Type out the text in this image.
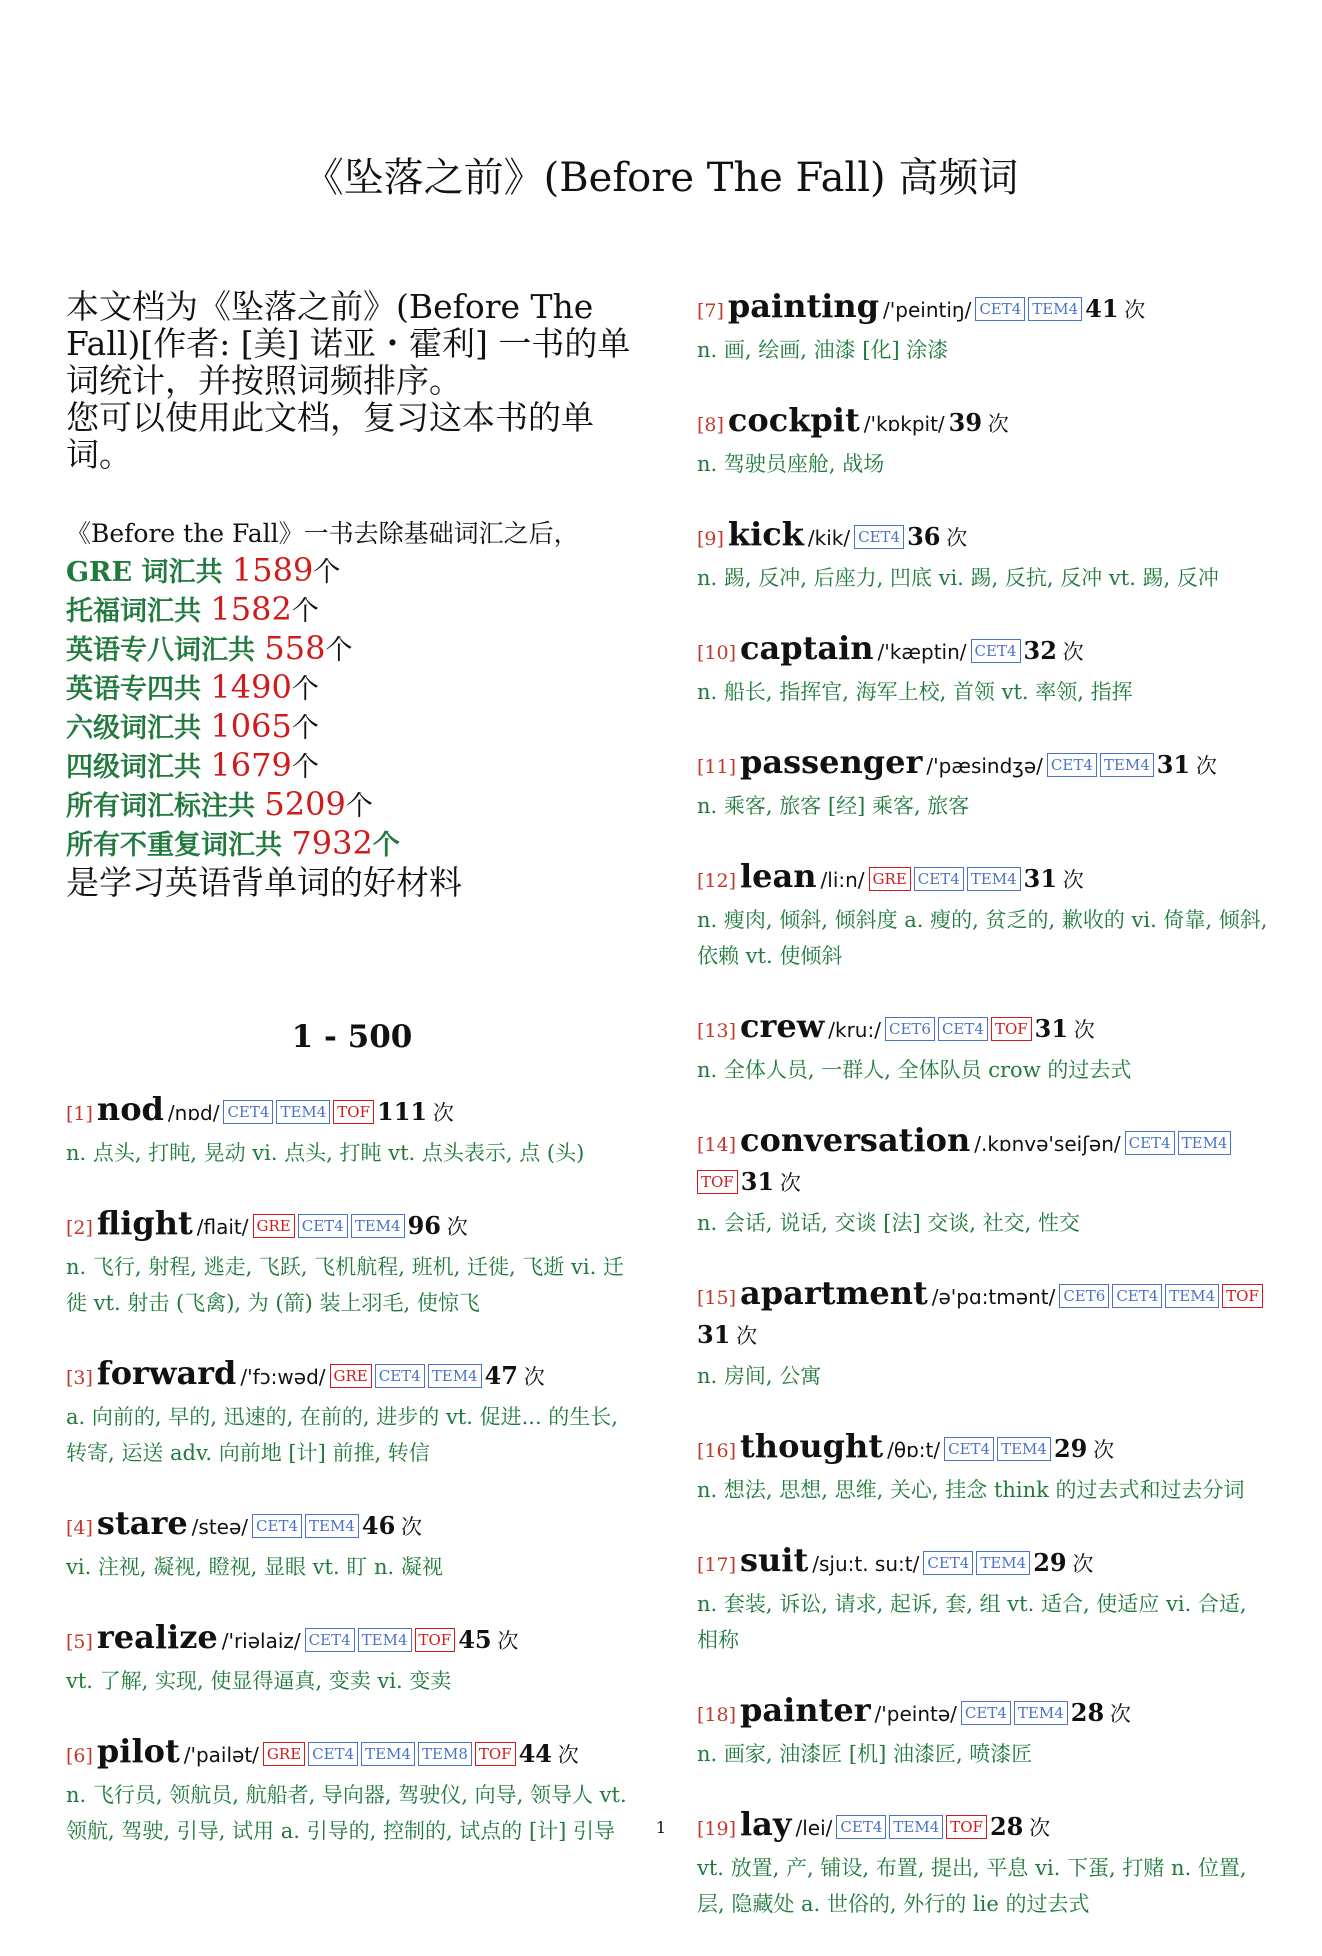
《坠落之前》(Before The Fall) 高频词
本文档为《坠落之前》(Before The
Fall)[作者: [美] 诺亚・霍利] 一书的单
词统计，并按照词频排序。
您可以使用此文档，复习这本书的单
词。
《Before the Fall》一书去除基础词汇之后，
GRE 词汇共 1589个
托福词汇共 1582个
英语专八词汇共 558个
英语专四共 1490个
六级词汇共 1065个
四级词汇共 1679个
所有词汇标注共 5209个
所有不重复词汇共 7932个
是学习英语背单词的好材料
1 - 500
[1] nod /nɒd/ CET4 TEM4 TOF 111 次
n. 点头, 打盹, 晃动 vi. 点头, 打盹 vt. 点头表示, 点 (头)
[2] flight /flait/ GRE CET4 TEM4 96 次
n. 飞行, 射程, 逃走, 飞跃, 飞机航程, 班机, 迁徙, 飞逝 vi. 迁徙 vt. 射击 (飞禽), 为 (箭) 装上羽毛, 使惊飞
[3] forward /'fɔ:wəd/ GRE CET4 TEM4 47 次
a. 向前的, 早的, 迅速的, 在前的, 进步的 vt. 促进... 的生长, 转寄, 运送 adv. 向前地 [计] 前推, 转信
[4] stare /steə/ CET4 TEM4 46 次
vi. 注视, 凝视, 瞪视, 显眼 vt. 盯 n. 凝视
[5] realize /'riəlaiz/ CET4 TEM4 TOF 45 次
vt. 了解, 实现, 使显得逼真, 变卖 vi. 变卖
[6] pilot /'pailət/ GRE CET4 TEM4 TEM8 TOF 44 次
n. 飞行员, 领航员, 航船者, 导向器, 驾驶仪, 向导, 领导人 vt. 领航, 驾驶, 引导, 试用 a. 引导的, 控制的, 试点的 [计] 引导
[7] painting /'peintiŋ/ CET4 TEM4 41 次
n. 画, 绘画, 油漆 [化] 涂漆
[8] cockpit /'kɒkpit/ 39 次
n. 驾驶员座舱, 战场
[9] kick /kik/ CET4 36 次
n. 踢, 反冲, 后座力, 凹底 vi. 踢, 反抗, 反冲 vt. 踢, 反冲
[10] captain /'kæptin/ CET4 32 次
n. 船长, 指挥官, 海军上校, 首领 vt. 率领, 指挥
[11] passenger /'pæsindʒə/ CET4 TEM4 31 次
n. 乘客, 旅客 [经] 乘客, 旅客
[12] lean /li:n/ GRE CET4 TEM4 31 次
n. 瘦肉, 倾斜, 倾斜度 a. 瘦的, 贫乏的, 歉收的 vi. 倚靠, 倾斜, 依赖 vt. 使倾斜
[13] crew /kru:/ CET6 CET4 TOF 31 次
n. 全体人员, 一群人, 全体队员 crow 的过去式
[14] conversation /.kɒnvə'seiʃən/ CET4 TEM4TOF 31 次
n. 会话, 说话, 交谈 [法] 交谈, 社交, 性交
[15] apartment /ə'pɑ:tmənt/ CET6 CET4 TEM4 TOF31 次
n. 房间, 公寓
[16] thought /θɒ:t/ CET4 TEM4 29 次
n. 想法, 思想, 思维, 关心, 挂念 think 的过去式和过去分词
[17] suit /sju:t. su:t/ CET4 TEM4 29 次
n. 套装, 诉讼, 请求, 起诉, 套, 组 vt. 适合, 使适应 vi. 合适, 相称
[18] painter /'peintə/ CET4 TEM4 28 次
n. 画家, 油漆匠 [机] 油漆匠, 喷漆匠
[19] lay /lei/ CET4 TEM4 TOF 28 次
vt. 放置, 产, 铺设, 布置, 提出, 平息 vi. 下蛋, 打赌 n. 位置, 层, 隐藏处 a. 世俗的, 外行的 lie 的过去式
1
